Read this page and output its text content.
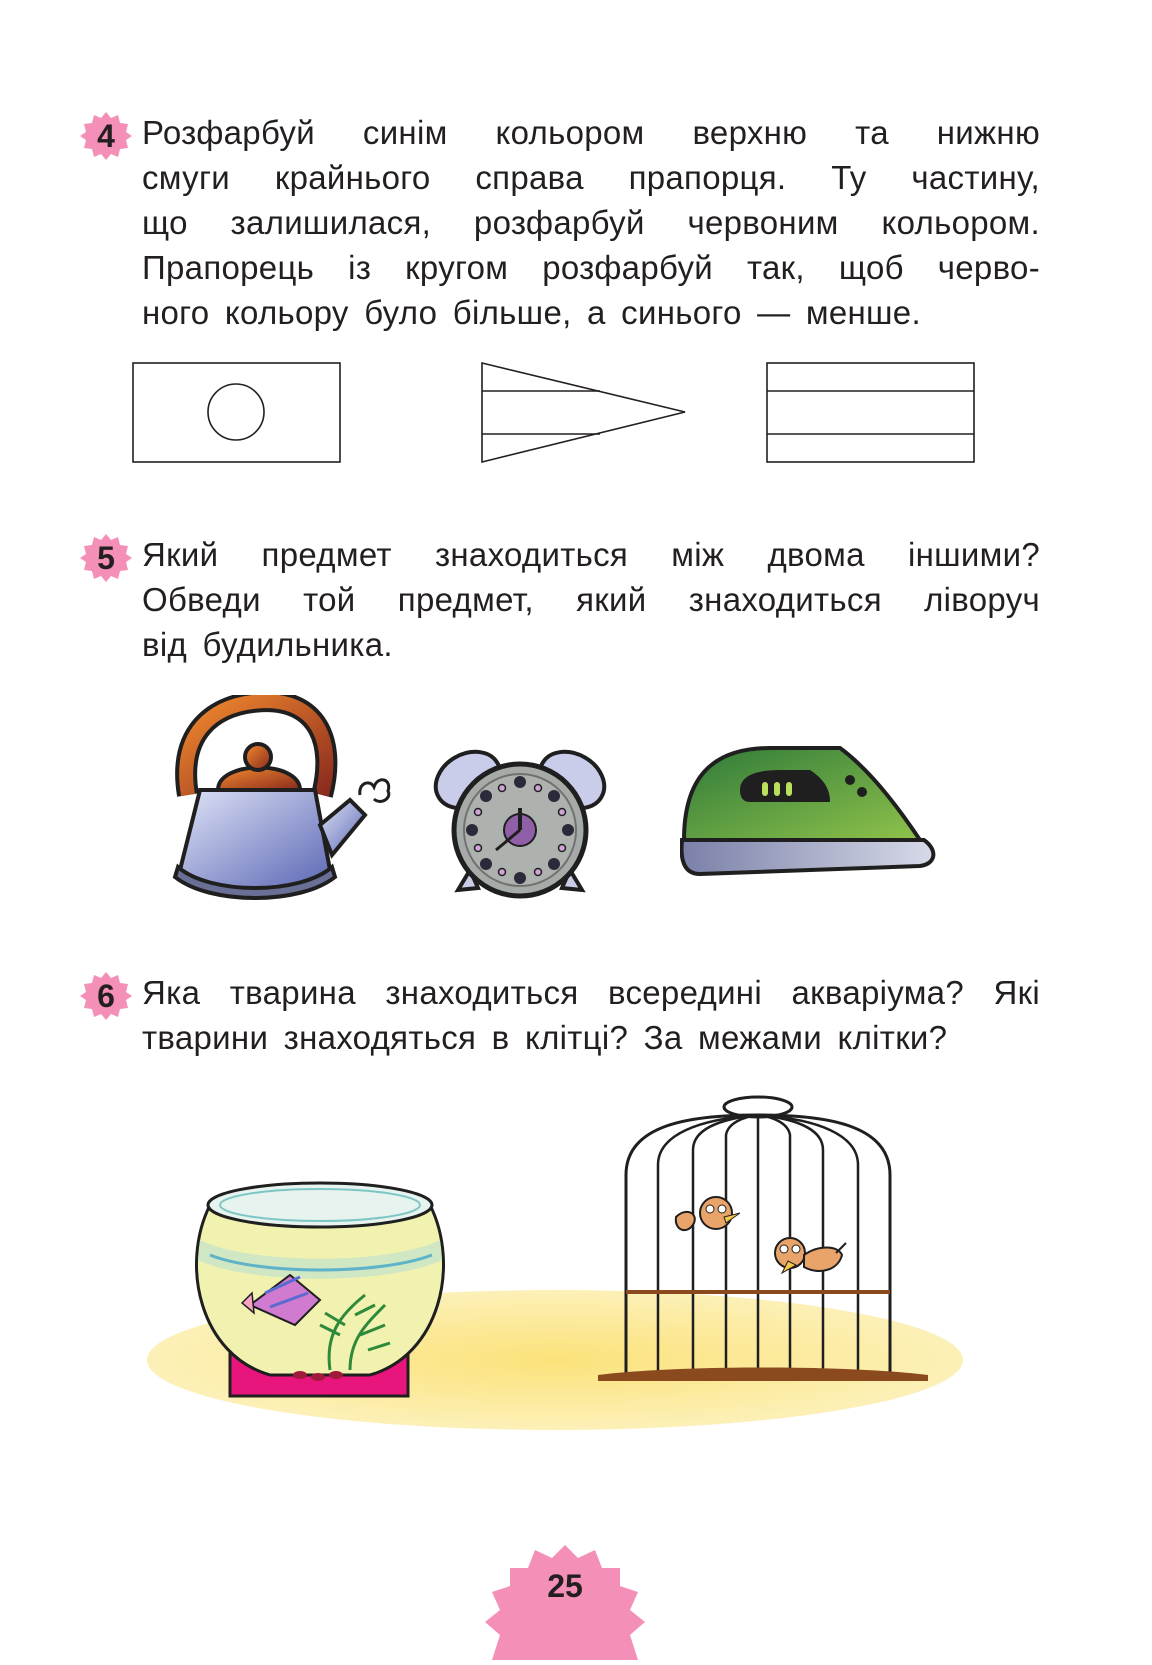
4 Розфарбуй синім кольором верхню та нижню
смуги крайнього справа прапорця. Ту частину,
що залишилася, розфарбуй червоним кольором.
Прапорець із кругом розфарбуй так, щоб черво-
ного кольору було більше, а синього — менше.
5 Який предмет знаходиться між двома іншими?
Обведи той предмет, який знаходиться ліворуч
від будильника.
6 Яка тварина знаходиться всередині акваріума? Які
тварини знаходяться в клітці? За межами клітки?
25
